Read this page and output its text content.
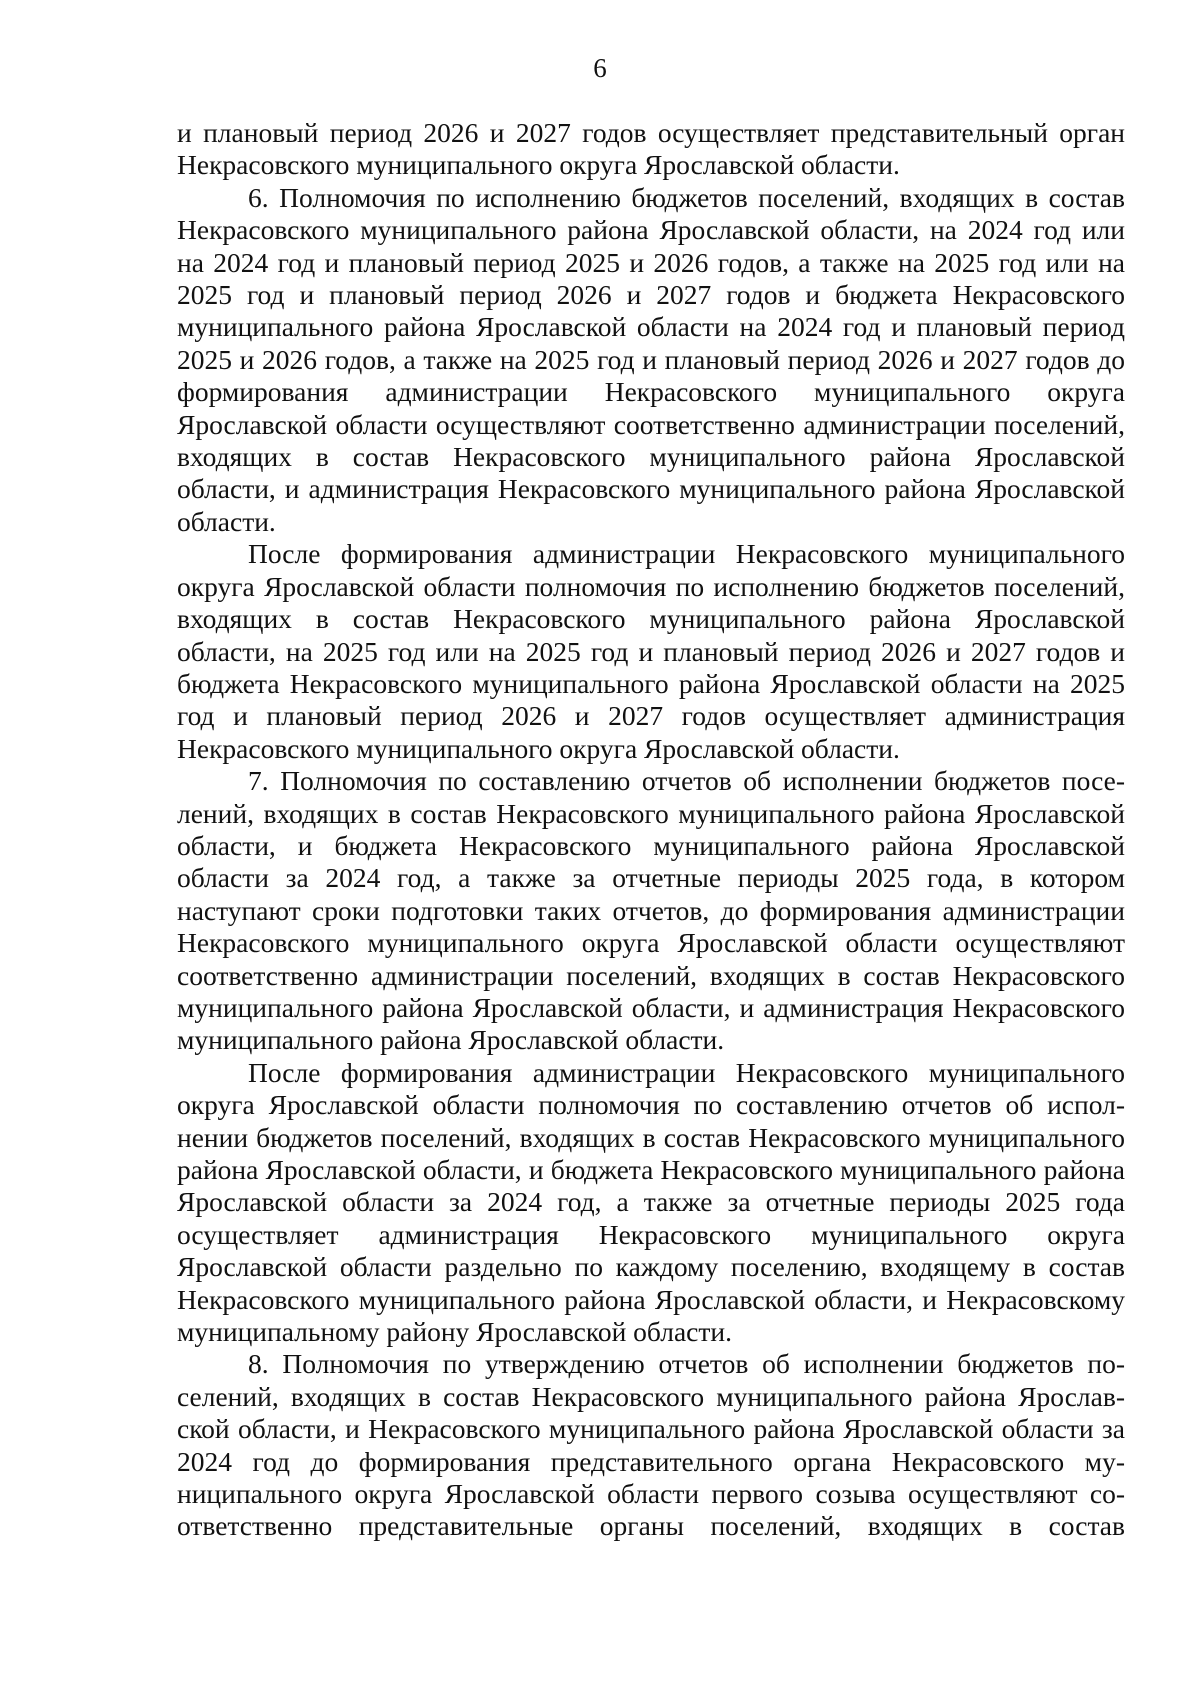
6

и плановый период 2026 и 2027 годов осуществляет представительный орган Некрасовского муниципального округа Ярославской области.

6. Полномочия по исполнению бюджетов поселений, входящих в состав Некрасовского муниципального района Ярославской области, на 2024 год или на 2024 год и плановый период 2025 и 2026 годов, а также на 2025 год или на 2025 год и плановый период 2026 и 2027 годов и бюджета Некрасовского муниципального района Ярославской области на 2024 год и плановый период 2025 и 2026 годов, а также на 2025 год и плановый период 2026 и 2027 годов до формирования администрации Некрасовского муниципального округа Ярославской области осуществляют соответственно администрации поселений, входящих в состав Некрасовского муниципального района Ярославской области, и администрация Некрасовского муниципального района Ярославской области.

После формирования администрации Некрасовского муниципального округа Ярославской области полномочия по исполнению бюджетов поселений, входящих в состав Некрасовского муниципального района Ярославской области, на 2025 год или на 2025 год и плановый период 2026 и 2027 годов и бюджета Некрасовского муниципального района Ярославской области на 2025 год и плановый период 2026 и 2027 годов осуществляет администрация Некрасовского муниципального округа Ярославской области.

7. Полномочия по составлению отчетов об исполнении бюджетов поселений, входящих в состав Некрасовского муниципального района Ярославской области, и бюджета Некрасовского муниципального района Ярославской области за 2024 год, а также за отчетные периоды 2025 года, в котором наступают сроки подготовки таких отчетов, до формирования администрации Некрасовского муниципального округа Ярославской области осуществляют соответственно администрации поселений, входящих в состав Некрасовского муниципального района Ярославской области, и администрация Некрасовского муниципального района Ярославской области.

После формирования администрации Некрасовского муниципального округа Ярославской области полномочия по составлению отчетов об исполнении бюджетов поселений, входящих в состав Некрасовского муниципального района Ярославской области, и бюджета Некрасовского муниципального района Ярославской области за 2024 год, а также за отчетные периоды 2025 года осуществляет администрация Некрасовского муниципального округа Ярославской области раздельно по каждому поселению, входящему в состав Некрасовского муниципального района Ярославской области, и Некрасовскому муниципальному району Ярославской области.

8. Полномочия по утверждению отчетов об исполнении бюджетов поселений, входящих в состав Некрасовского муниципального района Ярославской области, и Некрасовского муниципального района Ярославской области за 2024 год до формирования представительного органа Некрасовского муниципального округа Ярославской области первого созыва осуществляют соответственно представительные органы поселений, входящих в состав
